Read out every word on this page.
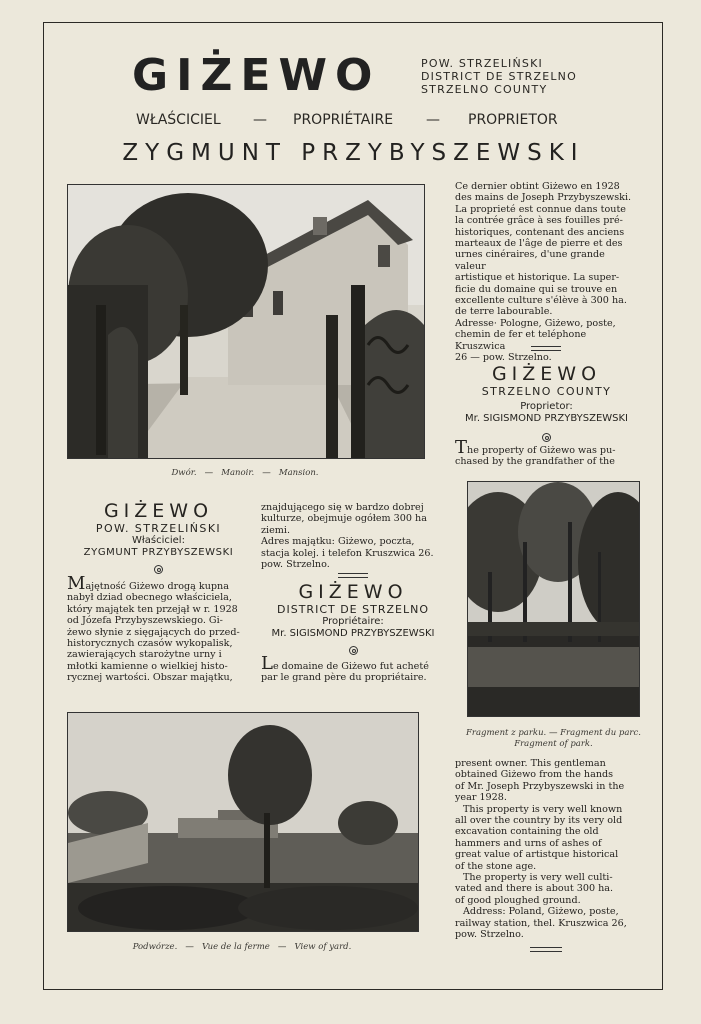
GIŻEWO	POW. STRZELIŃSKI
DISTRICT DE STRZELNO
STRZELNO COUNTY
WŁAŚCICIEL — PROPRIÉTAIRE — PROPRIETOR
ZYGMUNT PRZYBYSZEWSKI
Dwór. — Manoir. — Mansion.

Ce dernier obtint Giżewo en 1928

des mains de Joseph Przybyszewski.

La proprieté est connue dans toute

la contrée grâce à ses fouilles pré-

historiques, contenant des anciens

marteaux de l'âge de pierre et des

urnes cinéraires, d'une grande valeur

artistique et historique. La super-

ficie du domaine qui se trouve en

excellente culture s'élève à 300 ha.

de terre labourable.

Adresse· Pologne, Giżewo, poste,

chemin de fer et teléphone Kruszwica

26 — pow. Strzelno.

GIŻEWO
STRZELNO COUNTY
Proprietor:
Mr. SIGISMOND PRZYBYSZEWSKI

The property of Giżewo was pu-

chased by the grandfather of the

Fragment z parku. — Fragment du parc.
Fragment of park.
GIŻEWO
POW. STRZELIŃSKI
Właściciel:
ZYGMUNT PRZYBYSZEWSKI

Majętność Giżewo drogą kupna

nabył dziad obecnego właściciela,

który majątek ten przejął w r. 1928

od Józefa Przybyszewskiego. Gi-

żewo słynie z sięgających do przed-

historycznych czasów wykopalisk,

zawierających starożytne urny i

młotki kamienne o wielkiej histo-

rycznej wartości. Obszar majątku,

znajdującego się w bardzo dobrej

kulturze, obejmuje ogółem 300 ha

ziemi.

Adres majątku: Giżewo, poczta,

stacja kolej. i telefon Kruszwica 26.

pow. Strzelno.

GIŻEWO
DISTRICT DE STRZELNO
Propriétaire:
Mr. SIGISMOND PRZYBYSZEWSKI

Le domaine de Giżewo fut acheté

par le grand père du propriétaire.

Podwórze. — Vue de la ferme — View of yard.

present owner. This gentleman

obtained Giżewo from the hands

of Mr. Joseph Przybyszewski in the

year 1928.

This property is very well known

all over the country by its very old

excavation containing the old

hammers and urns of ashes of

great value of artistque historical

of the stone age.

The property is very well culti-

vated and there is about 300 ha.

of good ploughed ground.

Address: Poland, Giżewo, poste,

railway station, thel. Kruszwica 26,

pow. Strzelno.
